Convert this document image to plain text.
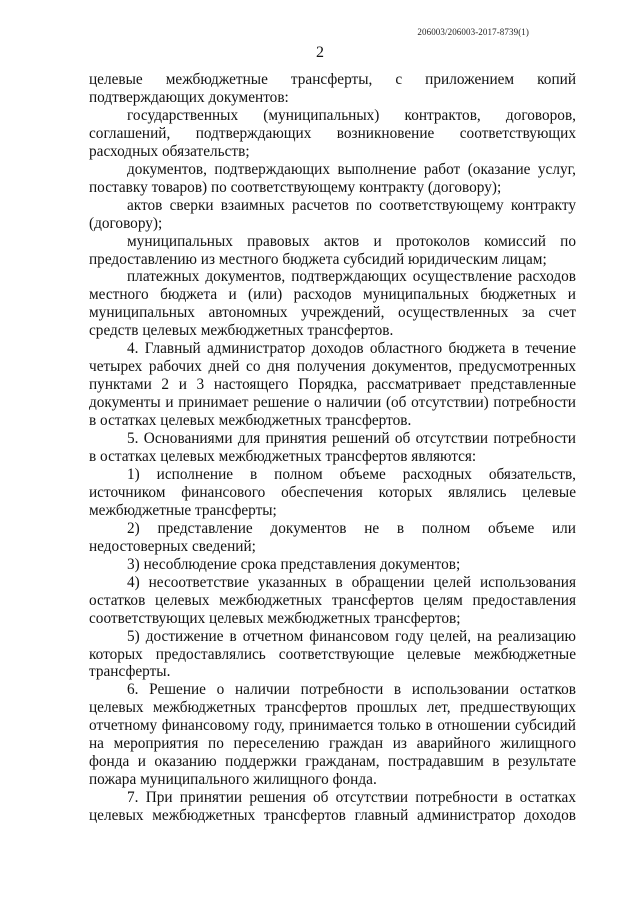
206003/206003-2017-8739(1)
2

целевые межбюджетные трансферты, с приложением копий подтверждающих документов:

государственных (муниципальных) контрактов, договоров, соглашений, подтверждающих возникновение соответствующих расходных обязательств;

документов, подтверждающих выполнение работ (оказание услуг, поставку товаров) по соответствующему контракту (договору);

актов сверки взаимных расчетов по соответствующему контракту (договору);

муниципальных правовых актов и протоколов комиссий по предоставлению из местного бюджета субсидий юридическим лицам;

платежных документов, подтверждающих осуществление расходов местного бюджета и (или) расходов муниципальных бюджетных и муниципальных автономных учреждений, осуществленных за счет средств целевых межбюджетных трансфертов.

4. Главный администратор доходов областного бюджета в течение четырех рабочих дней со дня получения документов, предусмотренных пунктами 2 и 3 настоящего Порядка, рассматривает представленные документы и принимает решение о наличии (об отсутствии) потребности в остатках целевых межбюджетных трансфертов.

5. Основаниями для принятия решений об отсутствии потребности в остатках целевых межбюджетных трансфертов являются:

1) исполнение в полном объеме расходных обязательств, источником финансового обеспечения которых являлись целевые межбюджетные трансферты;

2) представление документов не в полном объеме или недостоверных сведений;

3) несоблюдение срока представления документов;

4) несоответствие указанных в обращении целей использования остатков целевых межбюджетных трансфертов целям предоставления соответствующих целевых межбюджетных трансфертов;

5) достижение в отчетном финансовом году целей, на реализацию которых предоставлялись соответствующие целевые межбюджетные трансферты.

6. Решение о наличии потребности в использовании остатков целевых межбюджетных трансфертов прошлых лет, предшествующих отчетному финансовому году, принимается только в отношении субсидий на мероприятия по переселению граждан из аварийного жилищного фонда и оказанию поддержки гражданам, пострадавшим в результате пожара муниципального жилищного фонда.

7. При принятии решения об отсутствии потребности в остатках целевых межбюджетных трансфертов главный администратор доходов
